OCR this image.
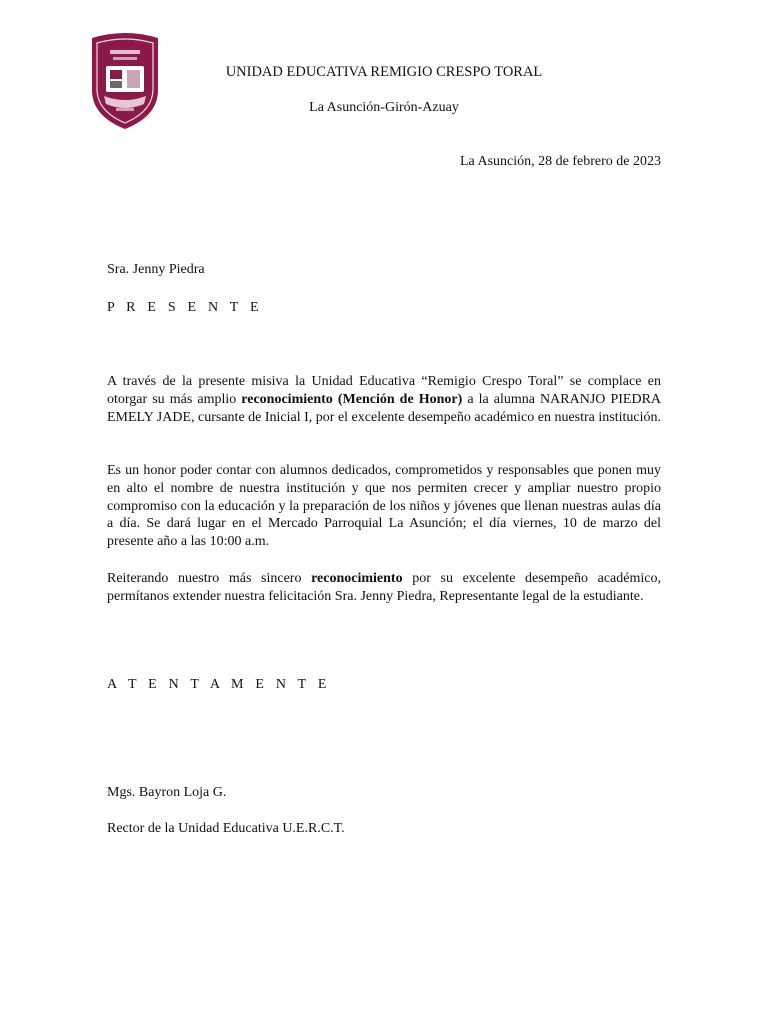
UNIDAD EDUCATIVA REMIGIO CRESPO TORAL
La Asunción-Girón-Azuay
La Asunción, 28 de febrero de 2023
Sra. Jenny Piedra
P R E S E N T E
A través de la presente misiva la Unidad Educativa “Remigio Crespo Toral” se complace en otorgar su más amplio reconocimiento (Mención de Honor) a la alumna NARANJO PIEDRA EMELY JADE, cursante de Inicial I, por el excelente desempeño académico en nuestra institución.
Es un honor poder contar con alumnos dedicados, comprometidos y responsables que ponen muy en alto el nombre de nuestra institución y que nos permiten crecer y ampliar nuestro propio compromiso con la educación y la preparación de los niños y jóvenes que llenan nuestras aulas día a día. Se dará lugar en el Mercado Parroquial La Asunción; el día viernes, 10 de marzo del presente año a las 10:00 a.m.
Reiterando nuestro más sincero reconocimiento por su excelente desempeño académico, permítanos extender nuestra felicitación Sra. Jenny Piedra, Representante legal de la estudiante.
A T E N T A M E N T E
Mgs. Bayron Loja G.
Rector de la Unidad Educativa U.E.R.C.T.
